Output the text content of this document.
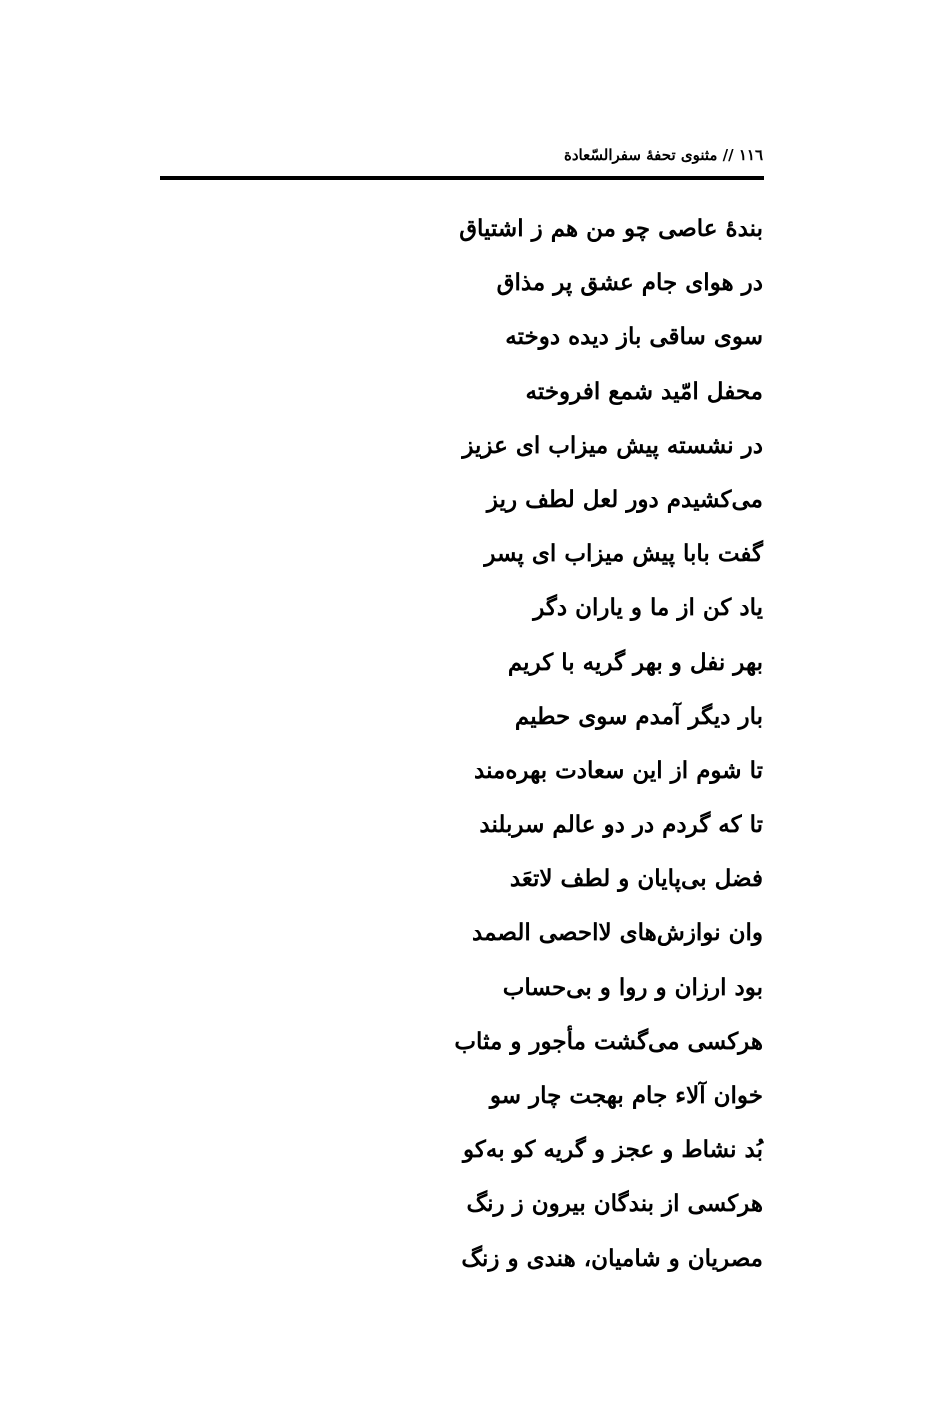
١١٦ // مثنوی تحفهٔ سفرالسّعادة
بندهٔ عاصی چو من هم ز اشتیاق
در هوای جام عشق پر مذاق
سوی ساقی باز دیده دوخته
محفل امّید شمع افروخته
در نشسته پیش میزاب ای عزیز
می‌کشیدم دور لعل لطف ریز
گفت بابا پیش میزاب ای پسر
یاد کن از ما و یاران دگر
بهر نفل و بهر گریه با کریم
بار دیگر آمدم سوی حطیم
تا شوم از این سعادت بهره‌مند
تا که گردم در دو عالم سربلند
فضل بی‌پایان و لطف لاتعَد
وان نوازش‌های لااحصی الصمد
بود ارزان و روا و بی‌حساب
هرکسی می‌گشت مأجور و مثاب
خوان آلاء جام بهجت چار سو
بُد نشاط و عجز و گریه کو به‌کو
هرکسی از بندگان بیرون ز رنگ
مصریان و شامیان، هندی و زنگ
